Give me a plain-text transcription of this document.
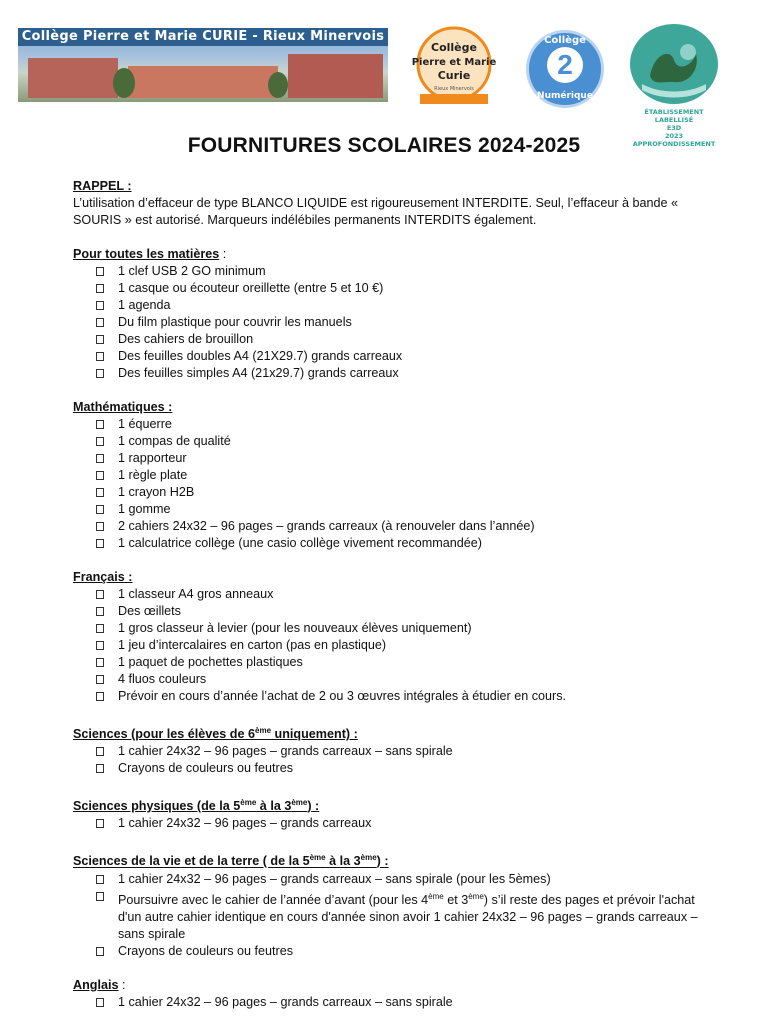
Collège Pierre et Marie CURIE - Rieux Minervois
Collège
Pierre et Marie
Curie
Rieux Minervois
Collège
2
Numérique
ÉTABLISSEMENT
LABELLISÉ
E3D
2023
APPROFONDISSEMENT
FOURNITURES SCOLAIRES 2024-2025
RAPPEL :

L’utilisation d’effaceur de type BLANCO LIQUIDE est rigoureusement INTERDITE. Seul, l’effaceur à bande « SOURIS » est autorisé. Marqueurs indélébiles permanents INTERDITS également.

Pour toutes les matières :
1 clef USB 2 GO minimum
1 casque ou écouteur oreillette (entre 5 et 10 €)
1 agenda
Du film plastique pour couvrir les manuels
Des cahiers de brouillon
Des feuilles doubles A4 (21X29.7) grands carreaux
Des feuilles simples A4 (21x29.7) grands carreaux
Mathématiques :
1 équerre
1 compas de qualité
1 rapporteur
1 règle plate
1 crayon H2B
1 gomme
2 cahiers 24x32 – 96 pages – grands carreaux (à renouveler dans l’année)
1 calculatrice collège (une casio collège vivement recommandée)
Français :
1 classeur A4 gros anneaux
Des œillets
1 gros classeur à levier (pour les nouveaux élèves uniquement)
1 jeu d’intercalaires en carton (pas en plastique)
1 paquet de pochettes plastiques
4 fluos couleurs
Prévoir en cours d’année l’achat de 2 ou 3 œuvres intégrales à étudier en cours.
Sciences (pour les élèves de 6ème uniquement) :
1 cahier 24x32 – 96 pages – grands carreaux – sans spirale
Crayons de couleurs ou feutres
Sciences physiques (de la 5ème à la 3ème) :
1 cahier 24x32 – 96 pages – grands carreaux
Sciences de la vie et de la terre ( de la 5ème à la 3ème) :
1 cahier 24x32 – 96 pages – grands carreaux – sans spirale (pour les 5èmes)
Poursuivre avec le cahier de l’année d’avant (pour les 4ème et 3ème) s’il reste des pages et prévoir l'achat d'un autre cahier identique en cours d'année sinon avoir 1 cahier 24x32 – 96 pages – grands carreaux – sans spirale
Crayons de couleurs ou feutres
Anglais :
1 cahier 24x32 – 96 pages – grands carreaux – sans spirale
